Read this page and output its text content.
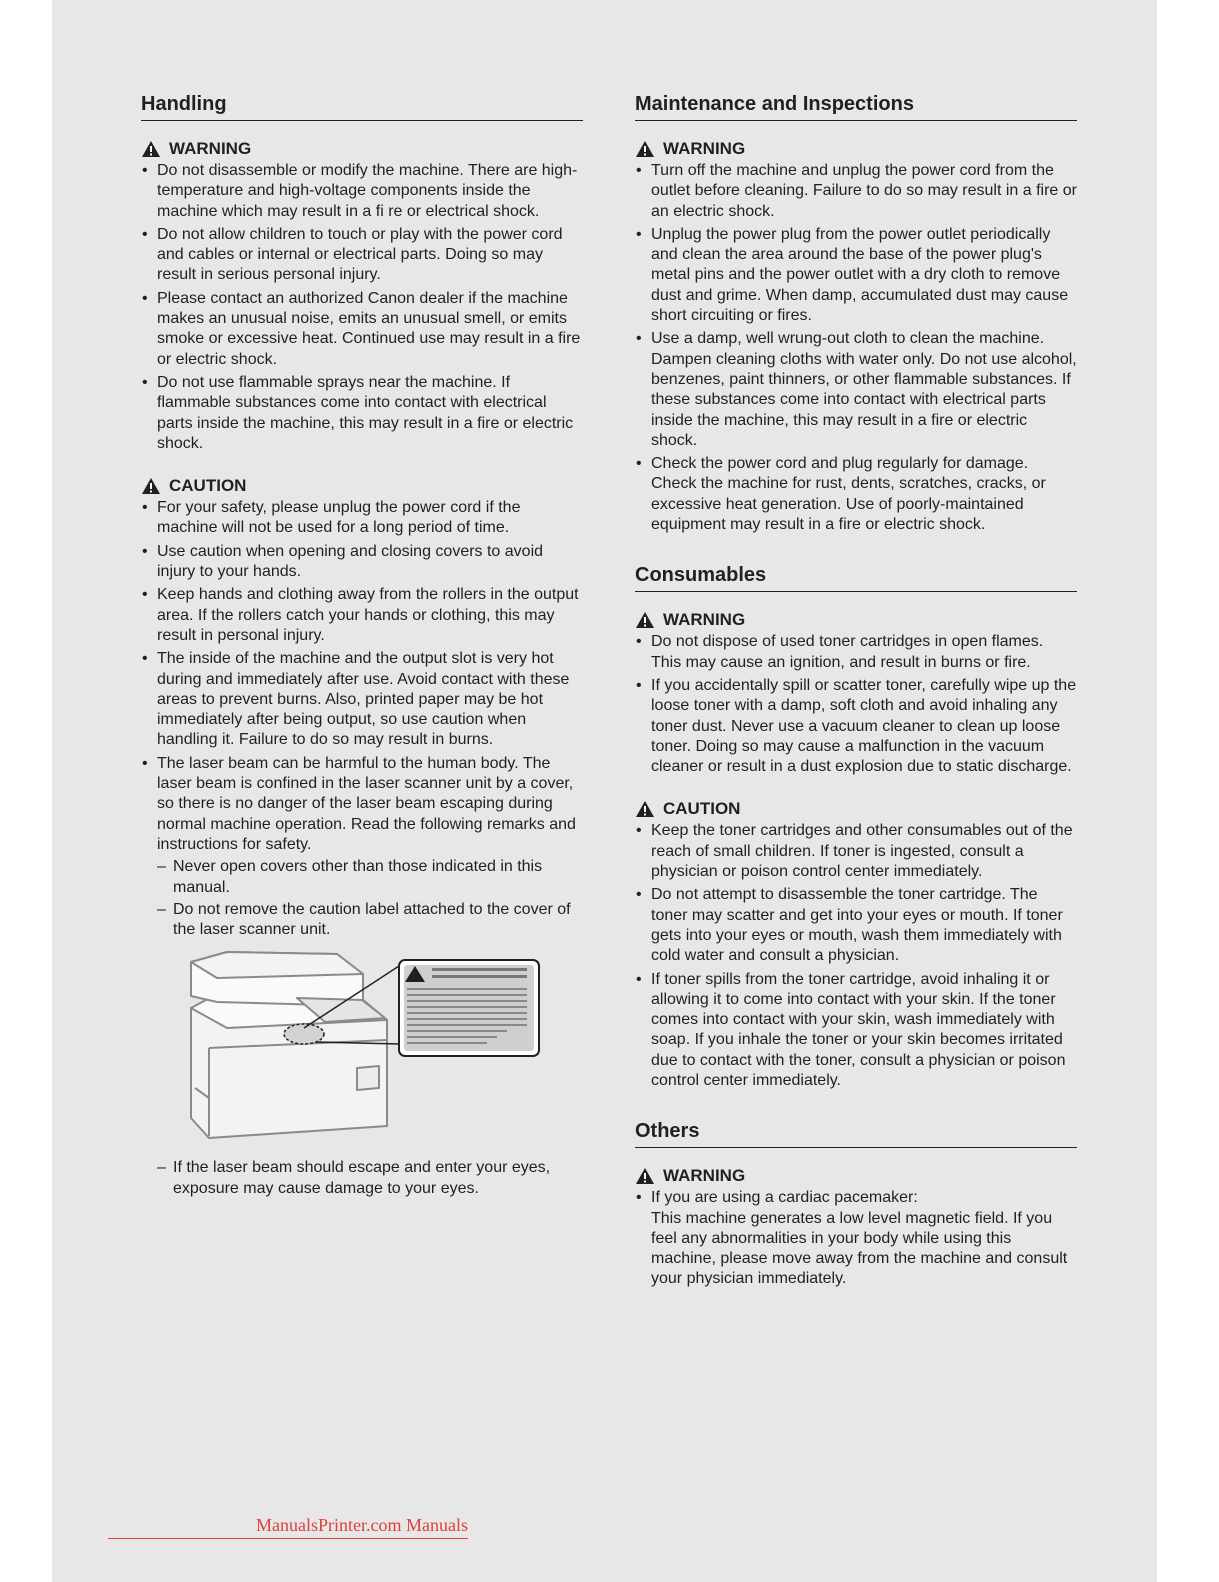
Handling
WARNING
• Do not disassemble or modify the machine. There are high-temperature and high-voltage components inside the machine which may result in a fi re or electrical shock.
• Do not allow children to touch or play with the power cord and cables or internal or electrical parts. Doing so may result in serious personal injury.
• Please contact an authorized Canon dealer if the machine makes an unusual noise, emits an unusual smell, or emits smoke or excessive heat. Continued use may result in a fire or electric shock.
• Do not use flammable sprays near the machine. If flammable substances come into contact with electrical parts inside the machine, this may result in a fire or electric shock.
CAUTION
• For your safety, please unplug the power cord if the machine will not be used for a long period of time.
• Use caution when opening and closing covers to avoid injury to your hands.
• Keep hands and clothing away from the rollers in the output area. If the rollers catch your hands or clothing, this may result in personal injury.
• The inside of the machine and the output slot is very hot during and immediately after use. Avoid contact with these areas to prevent burns. Also, printed paper may be hot immediately after being output, so use caution when handling it. Failure to do so may result in burns.
• The laser beam can be harmful to the human body. The laser beam is confined in the laser scanner unit by a cover, so there is no danger of the laser beam escaping during normal machine operation. Read the following remarks and instructions for safety.
– Never open covers other than those indicated in this manual.
– Do not remove the caution label attached to the cover of the laser scanner unit.
– If the laser beam should escape and enter your eyes, exposure may cause damage to your eyes.
Maintenance and Inspections
WARNING
• Turn off the machine and unplug the power cord from the outlet before cleaning. Failure to do so may result in a fire or an electric shock.
• Unplug the power plug from the power outlet periodically and clean the area around the base of the power plug's metal pins and the power outlet with a dry cloth to remove dust and grime. When damp, accumulated dust may cause short circuiting or fires.
• Use a damp, well wrung-out cloth to clean the machine. Dampen cleaning cloths with water only. Do not use alcohol, benzenes, paint thinners, or other flammable substances. If these substances come into contact with electrical parts inside the machine, this may result in a fire or electric shock.
• Check the power cord and plug regularly for damage. Check the machine for rust, dents, scratches, cracks, or excessive heat generation. Use of poorly-maintained equipment may result in a fire or electric shock.
Consumables
WARNING
• Do not dispose of used toner cartridges in open flames. This may cause an ignition, and result in burns or fire.
• If you accidentally spill or scatter toner, carefully wipe up the loose toner with a damp, soft cloth and avoid inhaling any toner dust. Never use a vacuum cleaner to clean up loose toner. Doing so may cause a malfunction in the vacuum cleaner or result in a dust explosion due to static discharge.
CAUTION
• Keep the toner cartridges and other consumables out of the reach of small children. If toner is ingested, consult a physician or poison control center immediately.
• Do not attempt to disassemble the toner cartridge. The toner may scatter and get into your eyes or mouth. If toner gets into your eyes or mouth, wash them immediately with cold water and consult a physician.
• If toner spills from the toner cartridge, avoid inhaling it or allowing it to come into contact with your skin. If the toner comes into contact with your skin, wash immediately with soap. If you inhale the toner or your skin becomes irritated due to contact with the toner, consult a physician or poison control center immediately.
Others
WARNING
• If you are using a cardiac pacemaker:
This machine generates a low level magnetic field. If you feel any abnormalities in your body while using this machine, please move away from the machine and consult your physician immediately.
ManualsPrinter.com Manuals
